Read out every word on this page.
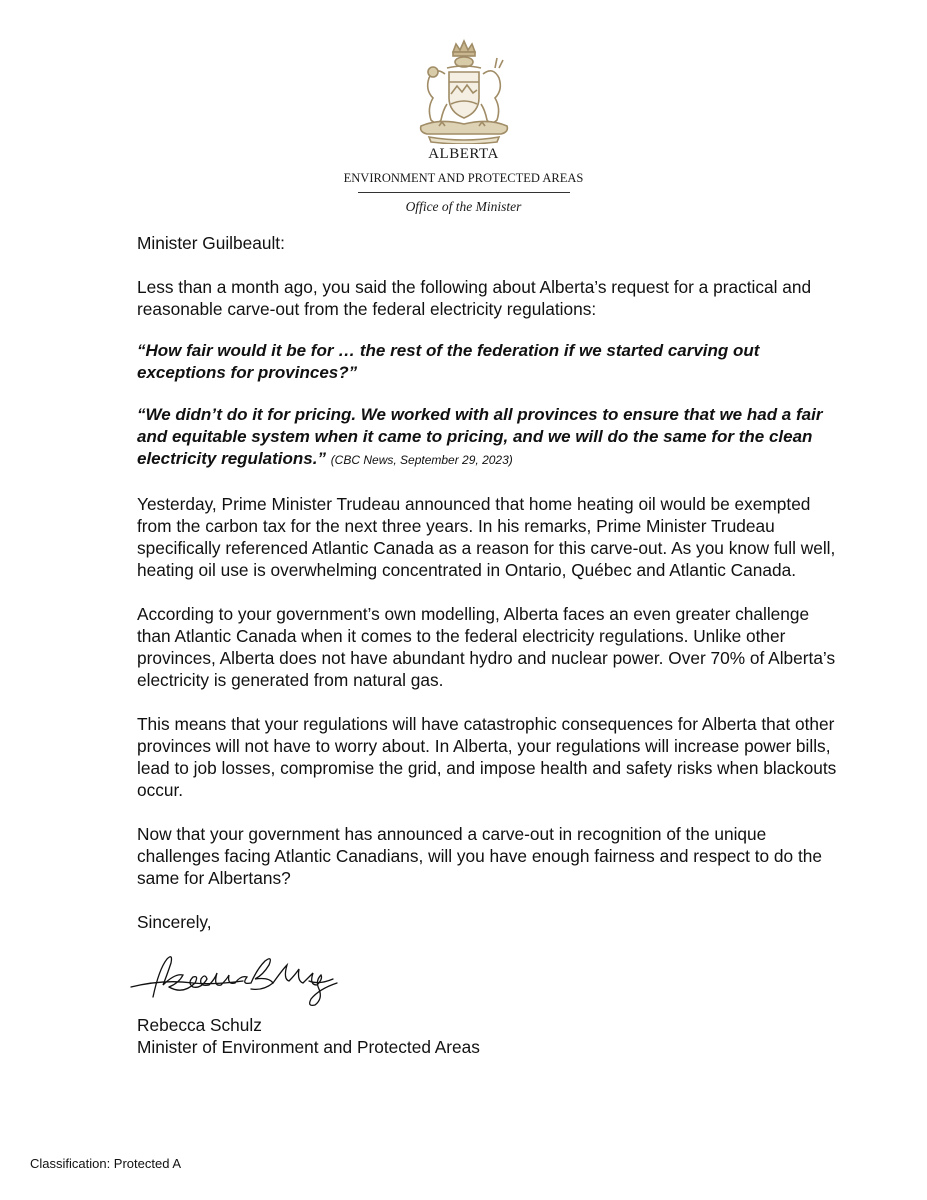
ALBERTA
ENVIRONMENT AND PROTECTED AREAS
Office of the Minister

Minister Guilbeault:

Less than a month ago, you said the following about Alberta’s request for a practical and reasonable carve-out from the federal electricity regulations:

“How fair would it be for … the rest of the federation if we started carving out exceptions for provinces?”

“We didn’t do it for pricing. We worked with all provinces to ensure that we had a fair and equitable system when it came to pricing, and we will do the same for the clean electricity regulations.” (CBC News, September 29, 2023)

Yesterday, Prime Minister Trudeau announced that home heating oil would be exempted from the carbon tax for the next three years. In his remarks, Prime Minister Trudeau specifically referenced Atlantic Canada as a reason for this carve-out. As you know full well, heating oil use is overwhelming concentrated in Ontario, Québec and Atlantic Canada.

According to your government’s own modelling, Alberta faces an even greater challenge than Atlantic Canada when it comes to the federal electricity regulations. Unlike other provinces, Alberta does not have abundant hydro and nuclear power. Over 70% of Alberta’s electricity is generated from natural gas.

This means that your regulations will have catastrophic consequences for Alberta that other provinces will not have to worry about. In Alberta, your regulations will increase power bills, lead to job losses, compromise the grid, and impose health and safety risks when blackouts occur.

Now that your government has announced a carve-out in recognition of the unique challenges facing Atlantic Canadians, will you have enough fairness and respect to do the same for Albertans?

Sincerely,

Rebecca Schulz

Minister of Environment and Protected Areas

Classification: Protected A
